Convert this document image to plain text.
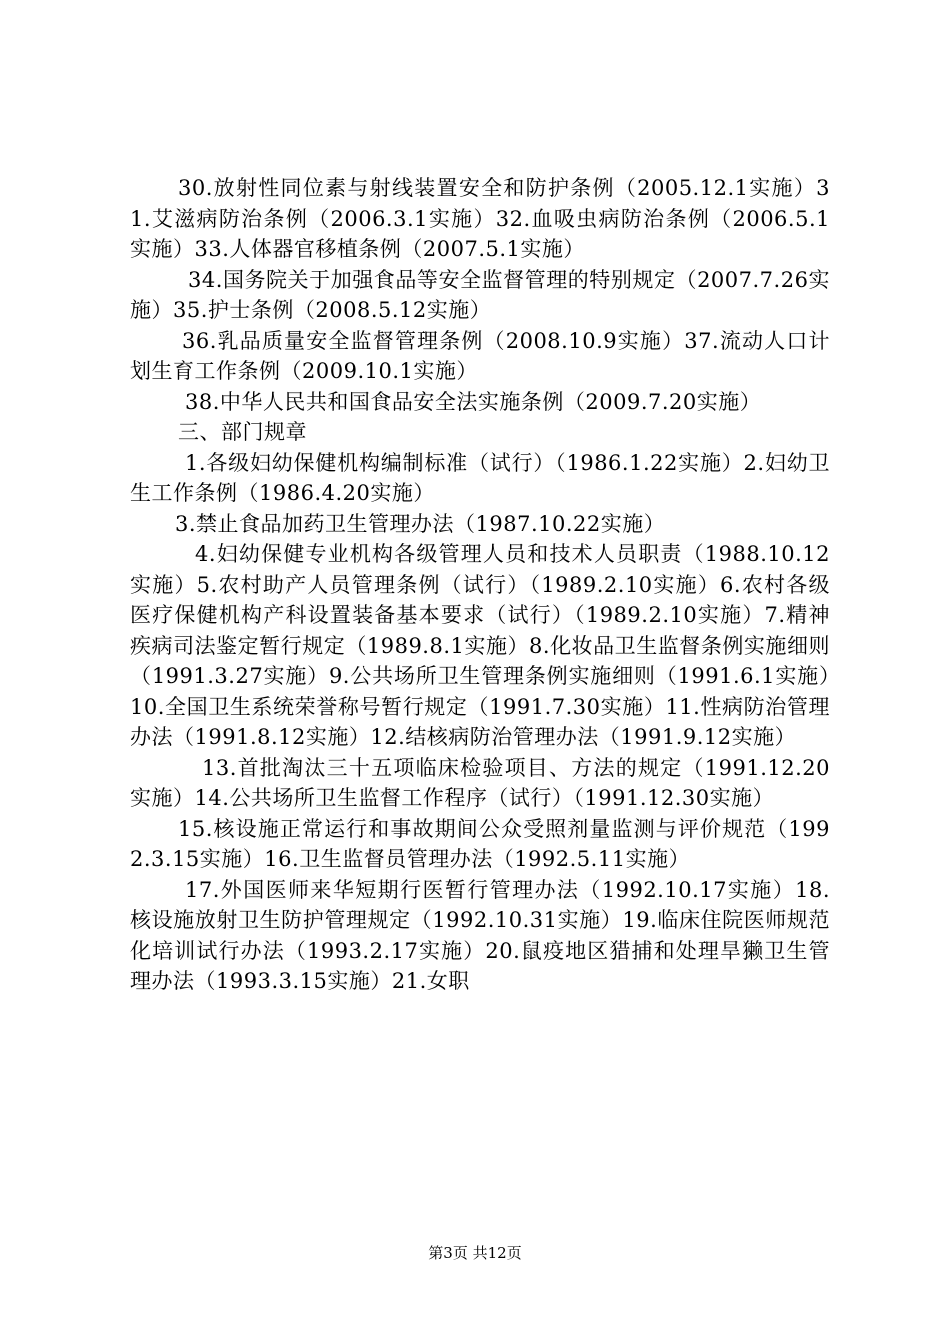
30.放射性同位素与射线装置安全和防护条例（2005.12.1实施）31.艾滋病防治条例（2006.3.1实施）32.血吸虫病防治条例（2006.5.1实施）33.人体器官移植条例（2007.5.1实施）

34.国务院关于加强食品等安全监督管理的特别规定（2007.7.26实施）35.护士条例（2008.5.12实施）

36.乳品质量安全监督管理条例（2008.10.9实施）37.流动人口计划生育工作条例（2009.10.1实施）

38.中华人民共和国食品安全法实施条例（2009.7.20实施）

三、部门规章

1.各级妇幼保健机构编制标准（试行）（1986.1.22实施）2.妇幼卫生工作条例（1986.4.20实施）

3.禁止食品加药卫生管理办法（1987.10.22实施）

4.妇幼保健专业机构各级管理人员和技术人员职责（1988.10.12实施）5.农村助产人员管理条例（试行）（1989.2.10实施）6.农村各级医疗保健机构产科设置装备基本要求（试行）（1989.2.10实施）7.精神疾病司法鉴定暂行规定（1989.8.1实施）8.化妆品卫生监督条例实施细则（1991.3.27实施）9.公共场所卫生管理条例实施细则（1991.6.1实施）10.全国卫生系统荣誉称号暂行规定（1991.7.30实施）11.性病防治管理办法（1991.8.12实施）12.结核病防治管理办法（1991.9.12实施）

13.首批淘汰三十五项临床检验项目、方法的规定（1991.12.20实施）14.公共场所卫生监督工作程序（试行）（1991.12.30实施）

15.核设施正常运行和事故期间公众受照剂量监测与评价规范（1992.3.15实施）16.卫生监督员管理办法（1992.5.11实施）

17.外国医师来华短期行医暂行管理办法（1992.10.17实施）18.核设施放射卫生防护管理规定（1992.10.31实施）19.临床住院医师规范化培训试行办法（1993.2.17实施）20.鼠疫地区猎捕和处理旱獭卫生管理办法（1993.3.15实施）21.女职

第3页 共12页
